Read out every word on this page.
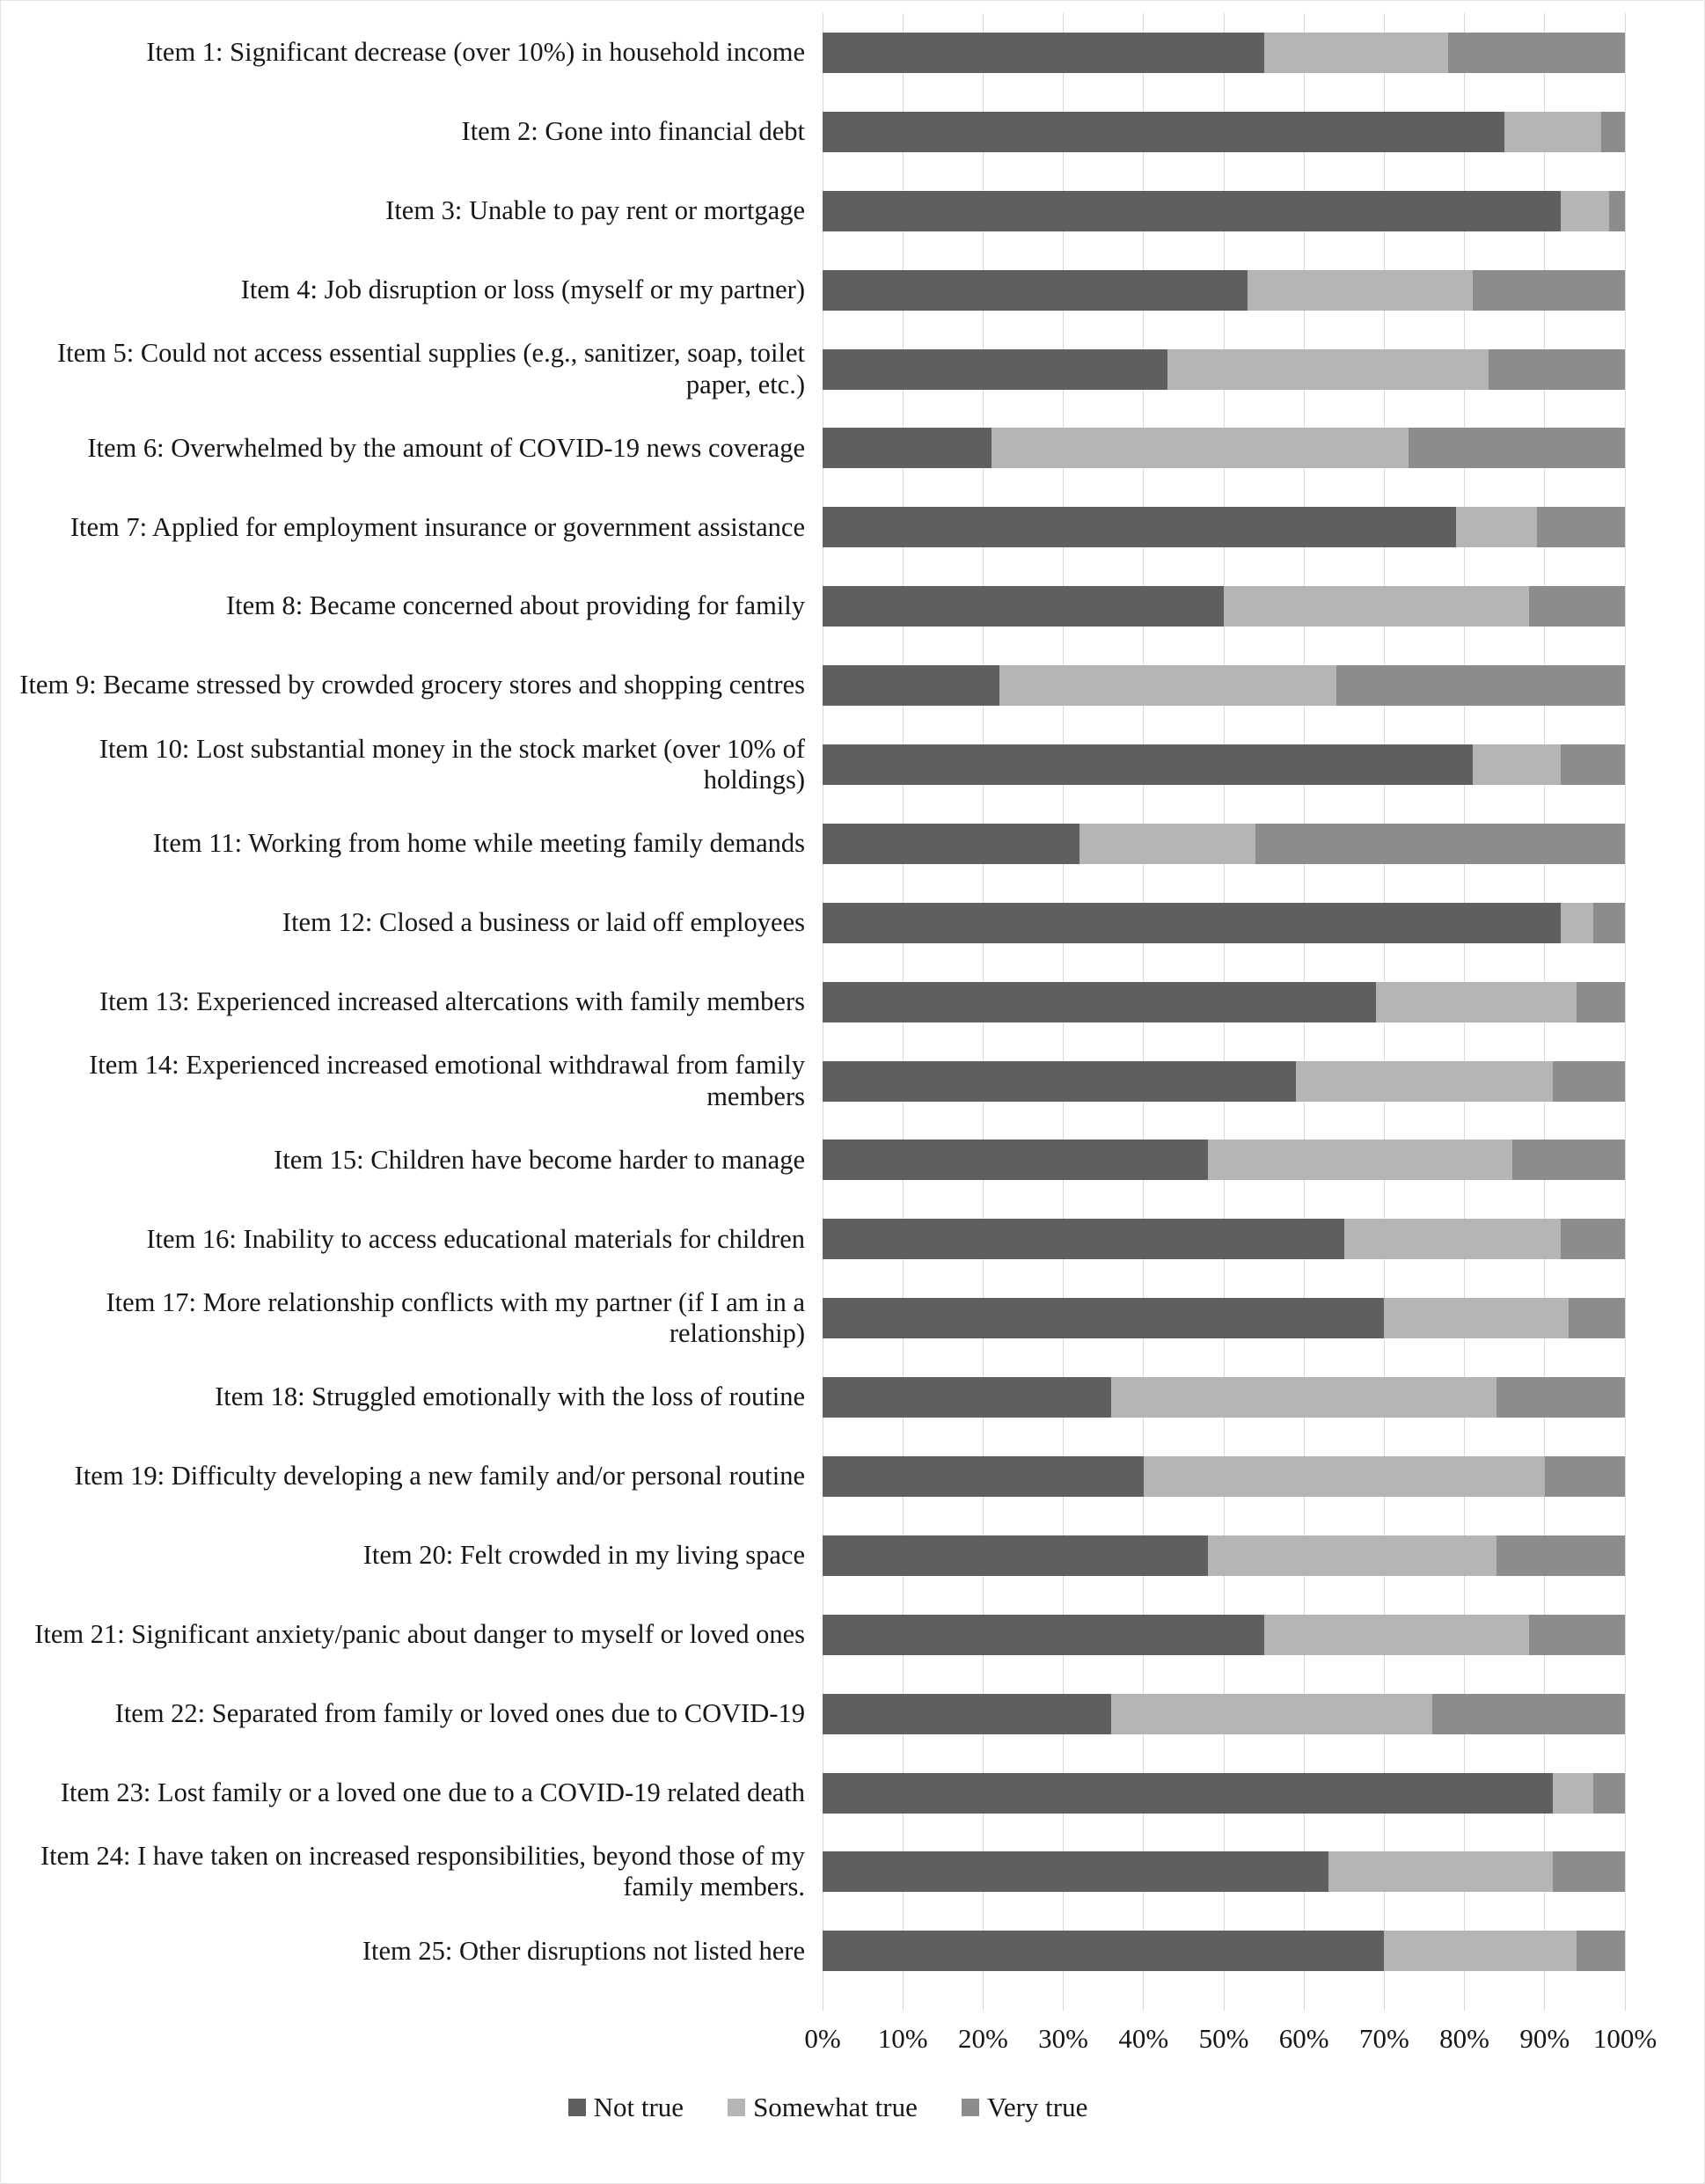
Item 1: Significant decrease (over 10%) in household income
Item 2: Gone into financial debt
Item 3: Unable to pay rent or mortgage
Item 4: Job disruption or loss (myself or my partner)
Item 5: Could not access essential supplies (e.g., sanitizer, soap, toilet paper, etc.)
Item 6: Overwhelmed by the amount of COVID-19 news coverage
Item 7: Applied for employment insurance or government assistance
Item 8: Became concerned about providing for family
Item 9: Became stressed by crowded grocery stores and shopping centres
Item 10: Lost substantial money in the stock market (over 10% of holdings)
Item 11: Working from home while meeting family demands
Item 12: Closed a business or laid off employees
Item 13: Experienced increased altercations with family members
Item 14: Experienced increased emotional withdrawal from family members
Item 15: Children have become harder to manage
Item 16: Inability to access educational materials for children
Item 17: More relationship conflicts with my partner (if I am in a relationship)
Item 18: Struggled emotionally with the loss of routine
Item 19: Difficulty developing a new family and/or personal routine
Item 20: Felt crowded in my living space
Item 21: Significant anxiety/panic about danger to myself or loved ones
Item 22: Separated from family or loved ones due to COVID-19
Item 23: Lost family or a loved one due to a COVID-19 related death
Item 24: I have taken on increased responsibilities, beyond those of my family members.
Item 25: Other disruptions not listed here
0% 10% 20% 30% 40% 50% 60% 70% 80% 90% 100%
Not true	Somewhat true	Very true
